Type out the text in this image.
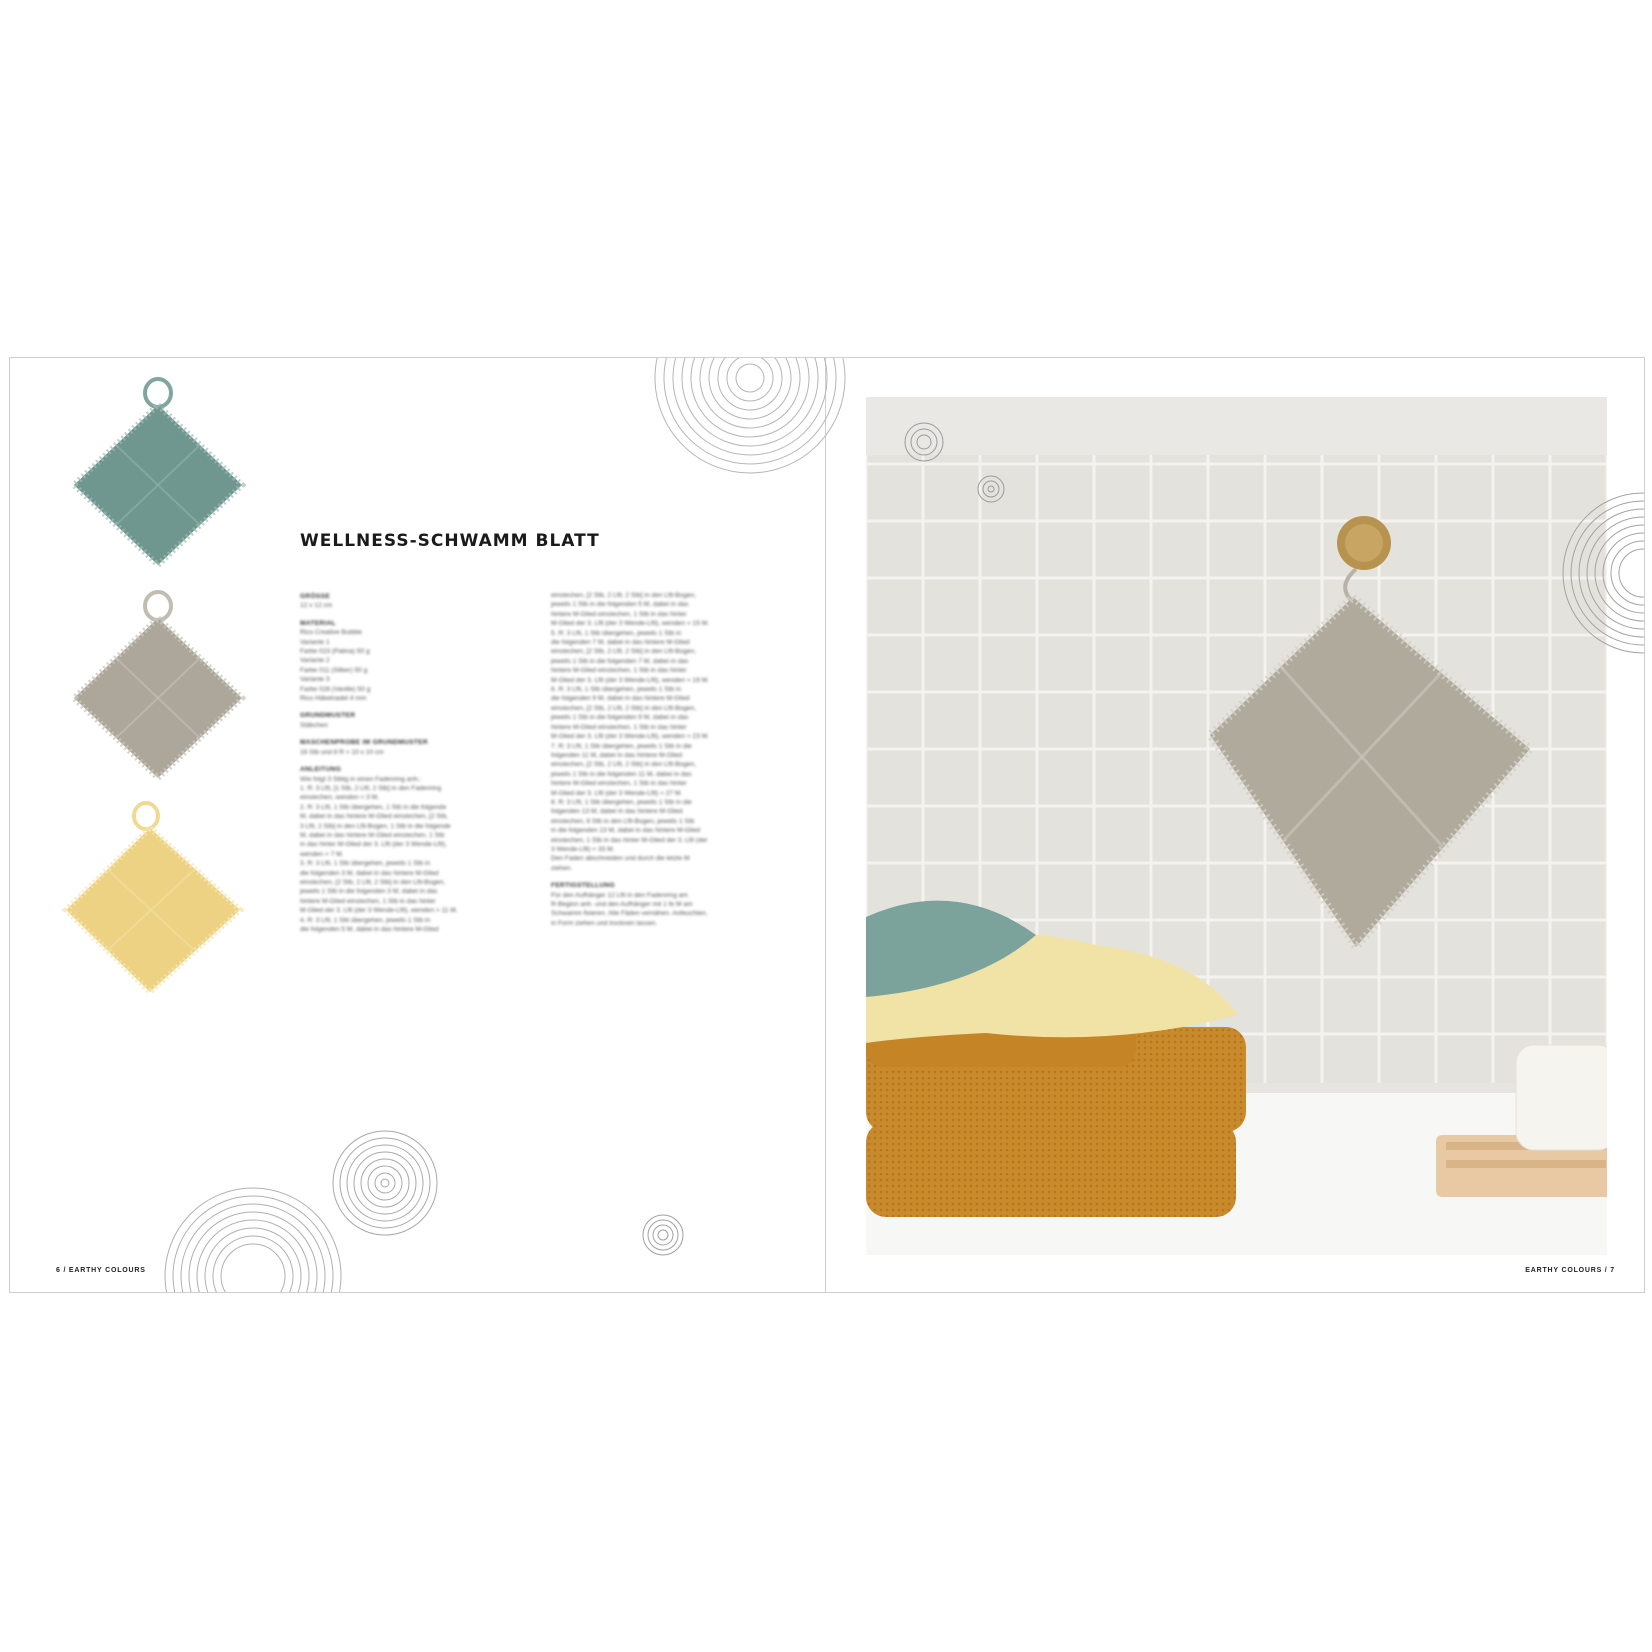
WELLNESS-SCHWAMM BLATT
GRÖSSE

12 x 12 cm

MATERIAL

Rico Creative Bubble
Variante 1
Farbe 023 (Patina) 50 g
Variante 2
Farbe 011 (Silber) 50 g
Variante 3
Farbe 028 (Vanille) 50 g
Rico Häkelnadel 4 mm

GRUNDMUSTER

Stäbchen

MASCHENPROBE IM GRUNDMUSTER

16 Stb und 8 R = 10 x 10 cm

ANLEITUNG

Wie folgt 3 Stbtg in einen Fadenring anh.:
1. R: 3 Lftl, [1 Stb, 2 Lftl, 2 Stb] in den Fadenring
einstechen, wenden = 3 M.
2. R: 3 Lftl, 1 Stb übergehen, 1 Stb in die folgende
M, dabei in das hintere M-Glied einstechen, [2 Stb,
3 Lftl, 2 Stb] in den Lftl-Bogen, 1 Stb in die folgende
M, dabei in das hintere M-Glied einstechen, 1 Stb
in das hinter M-Glied der 3. Lftl (der 3 Wende-Lftl),
wenden = 7 M.
3. R: 3 Lftl, 1 Stb übergehen, jeweils 1 Stb in
die folgenden 3 M, dabei in das hintere M-Glied
einstechen, [2 Stb, 2 Lftl, 2 Stb] in den Lftl-Bogen,
jeweils 1 Stb in die folgenden 3 M, dabei in das
hintere M-Glied einstechen, 1 Stb in das hinter
M-Glied der 3. Lftl (der 3 Wende-Lftl), wenden = 11 M.
4. R: 3 Lftl, 1 Stb übergehen, jeweils 1 Stb in
die folgenden 5 M, dabei in das hintere M-Glied

einstechen, [2 Stb, 2 Lftl, 2 Stb] in den Lftl-Bogen,
jeweils 1 Stb in die folgenden 5 M, dabei in das
hintere M-Glied einstechen, 1 Stb in das hinter
M-Glied der 3. Lftl (der 3 Wende-Lftl), wenden = 15 M.
5. R: 3 Lftl, 1 Stb übergehen, jeweils 1 Stb in
die folgenden 7 M, dabei in das hintere M-Glied
einstechen, [2 Stb, 2 Lftl, 2 Stb] in den Lftl-Bogen,
jeweils 1 Stb in die folgenden 7 M, dabei in das
hintere M-Glied einstechen, 1 Stb in das hinter
M-Glied der 3. Lftl (der 3 Wende-Lftl), wenden = 19 M.
6. R: 3 Lftl, 1 Stb übergehen, jeweils 1 Stb in
die folgenden 9 M, dabei in das hintere M-Glied
einstechen, [2 Stb, 2 Lftl, 2 Stb] in den Lftl-Bogen,
jeweils 1 Stb in die folgenden 9 M, dabei in das
hintere M-Glied einstechen, 1 Stb in das hinter
M-Glied der 3. Lftl (der 3 Wende-Lftl), wenden = 23 M.
7. R: 3 Lftl, 1 Stb übergehen, jeweils 1 Stb in die
folgenden 11 M, dabei in das hintere M-Glied
einstechen, [2 Stb, 2 Lftl, 2 Stb] in den Lftl-Bogen,
jeweils 1 Stb in die folgenden 11 M, dabei in das
hintere M-Glied einstechen, 1 Stb in das hinter
M-Glied der 3. Lftl (der 3 Wende-Lftl) = 27 M.
8. R: 3 Lftl, 1 Stb übergehen, jeweils 1 Stb in die
folgenden 13 M, dabei in das hintere M-Glied
einstechen, 6 Stb in den Lftl-Bogen, jeweils 1 Stb
in die folgenden 13 M, dabei in das hintere M-Glied
einstechen, 1 Stb in das hinter M-Glied der 3. Lftl (der
3 Wende-Lftl) = 33 M.
Den Faden abschneiden und durch die letzte M
ziehen.

FERTIGSTELLUNG

Für den Aufhänger 12 Lftl in den Fadenring am
R-Beginn anh. und den Aufhänger mit 1 fe M am
Schwamm fixieren. Alle Fäden vernähen. Anfeuchten,
in Form ziehen und trocknen lassen.

6 / EARTHY COLOURS	EARTHY COLOURS / 7
